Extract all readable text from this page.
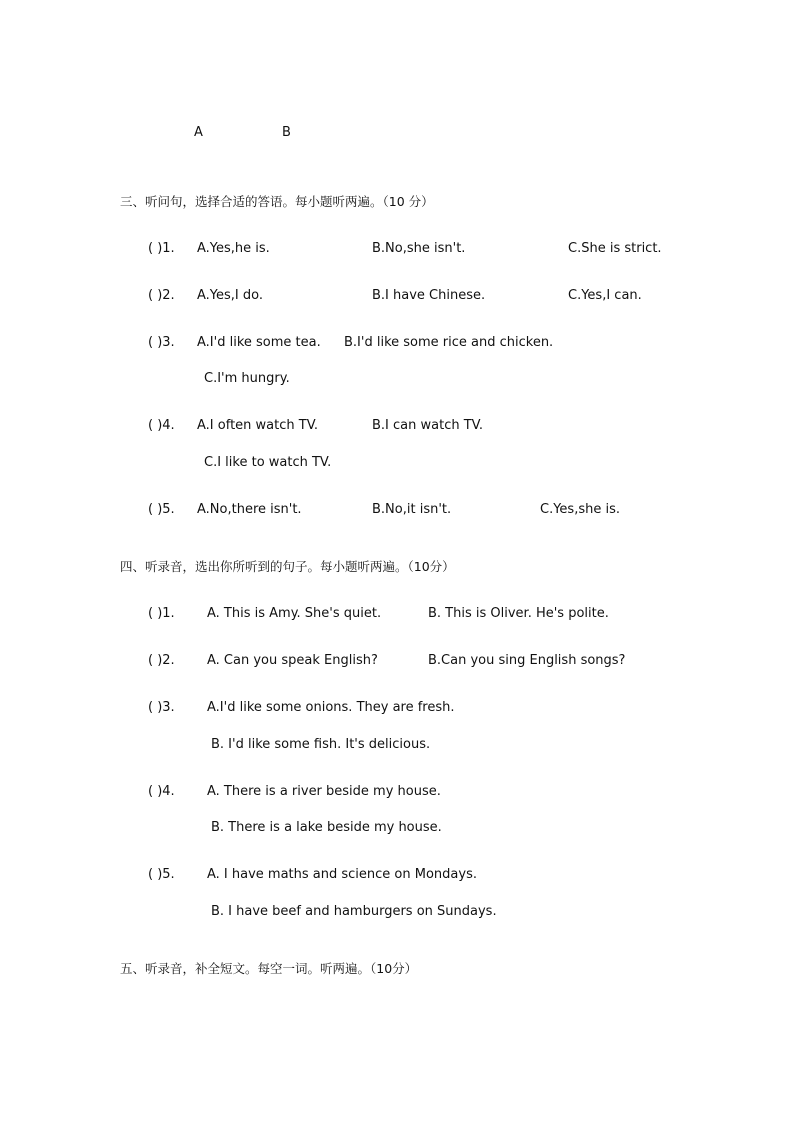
A	B
三、听问句，选择合适的答语。每小题听两遍。（10 分）
( )1. A.Yes,he is.	B.No,she isn't.	C.She is strict.
( )2. A.Yes,I do.	B.I have Chinese.	C.Yes,I can.
( )3. A.I'd like some tea. B.I'd like some rice and chicken.
C.I'm hungry.
( )4. A.I often watch TV.	B.I can watch TV.
C.I like to watch TV.
( )5. A.No,there isn't.	B.No,it isn't.	C.Yes,she is.
四、听录音，选出你所听到的句子。每小题听两遍。（10分）
( )1. A. This is Amy. She's quiet.	B. This is Oliver. He's polite.
( )2. A. Can you speak English?	B.Can you sing English songs?
( )3. A.I'd like some onions. They are fresh.
B. I'd like some fish. It's delicious.
( )4. A. There is a river beside my house.
B. There is a lake beside my house.
( )5. A. I have maths and science on Mondays.
B. I have beef and hamburgers on Sundays.
五、听录音，补全短文。每空一词。听两遍。（10分）
